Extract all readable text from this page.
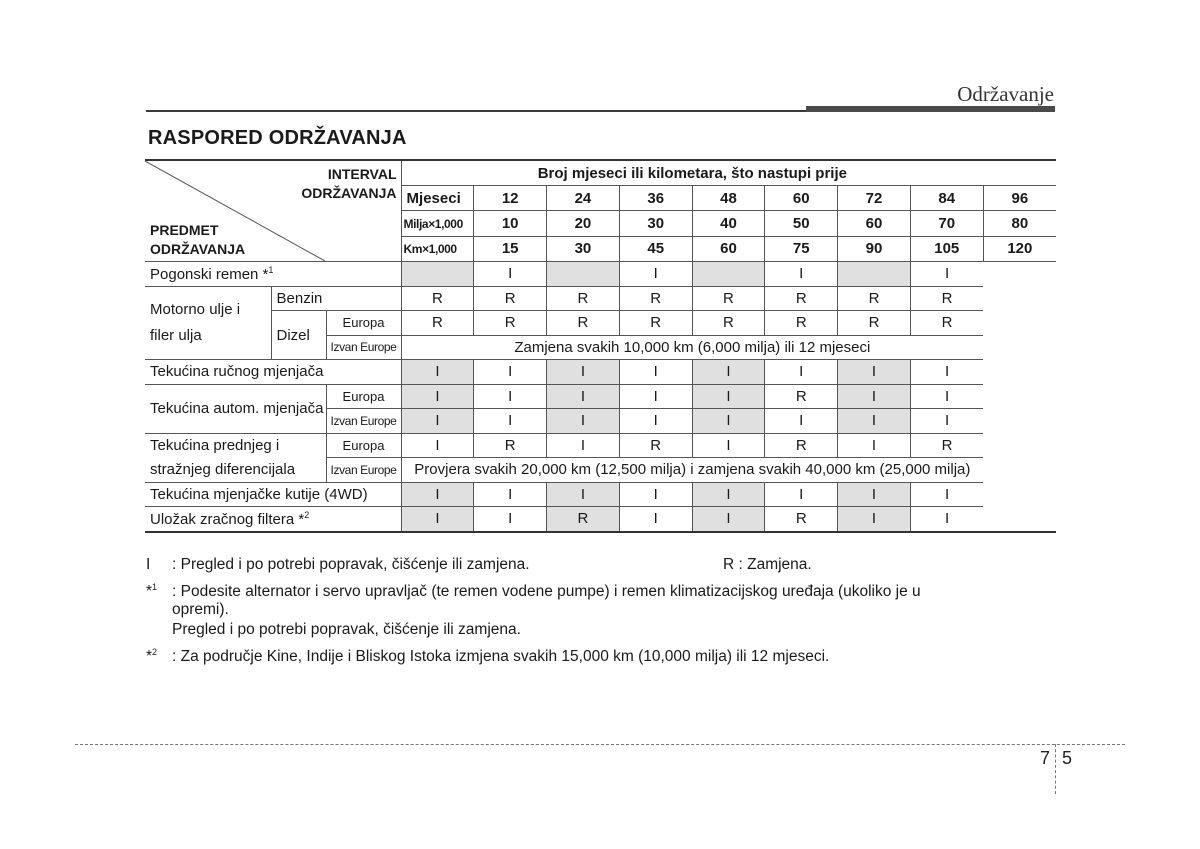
Održavanje
RASPORED ODRŽAVANJA
INTERVAL
ODRŽAVANJA
PREDMET
ODRŽAVANJA			Broj mjeseci ili kilometara, što nastupi prije								
			Mjeseci	12	24	36	48	60	72	84	96
			Milja×1,000	10	20	30	40	50	60	70	80
			Km×1,000	15	30	45	60	75	90	105	120
Pogonski remen *$^1$				I		I		I		I	

Motorno ulje i
filer ulja	Benzin		R	R	R	R	R	R	R	R	
	Dizel	Europa	R	R	R	R	R	R	R	R	
		Izvan Europe	Zamjena svakih 10,000 km (6,000 milja) ili 12 mjeseci								
Tekućina ručnog mjenjača			I	I	I	I	I	I	I	I	
Tekućina autom. mjenjača		Europa	I	I	I	I	I	R	I	I	
		Izvan Europe	I	I	I	I	I	I	I	I	

Tekućina prednjeg i
stražnjeg diferencijala		Europa	I	R	I	R	I	R	I	R	
		Izvan Europe	Provjera svakih 20,000 km (12,500 milja) i zamjena svakih 40,000 km (25,000 milja)								
Tekućina mjenjačke kutije (4WD)			I	I	I	I	I	I	I	I	
Uložak zračnog filtera *$^2$			I	I	R	I	I	R	I	I	
I : Pregled i po potrebi popravak, čišćenje ili zamjena.	R : Zamjena.
*$^1$ : Podesite alternator i servo upravljač (te remen vodene pumpe) i remen klimatizacijskog uređaja (ukoliko je u
opremi).
Pregled i po potrebi popravak, čišćenje ili zamjena.
*$^2$ : Za područje Kine, Indije i Bliskog Istoka izmjena svakih 15,000 km (10,000 milja) ili 12 mjeseci.
7 5
